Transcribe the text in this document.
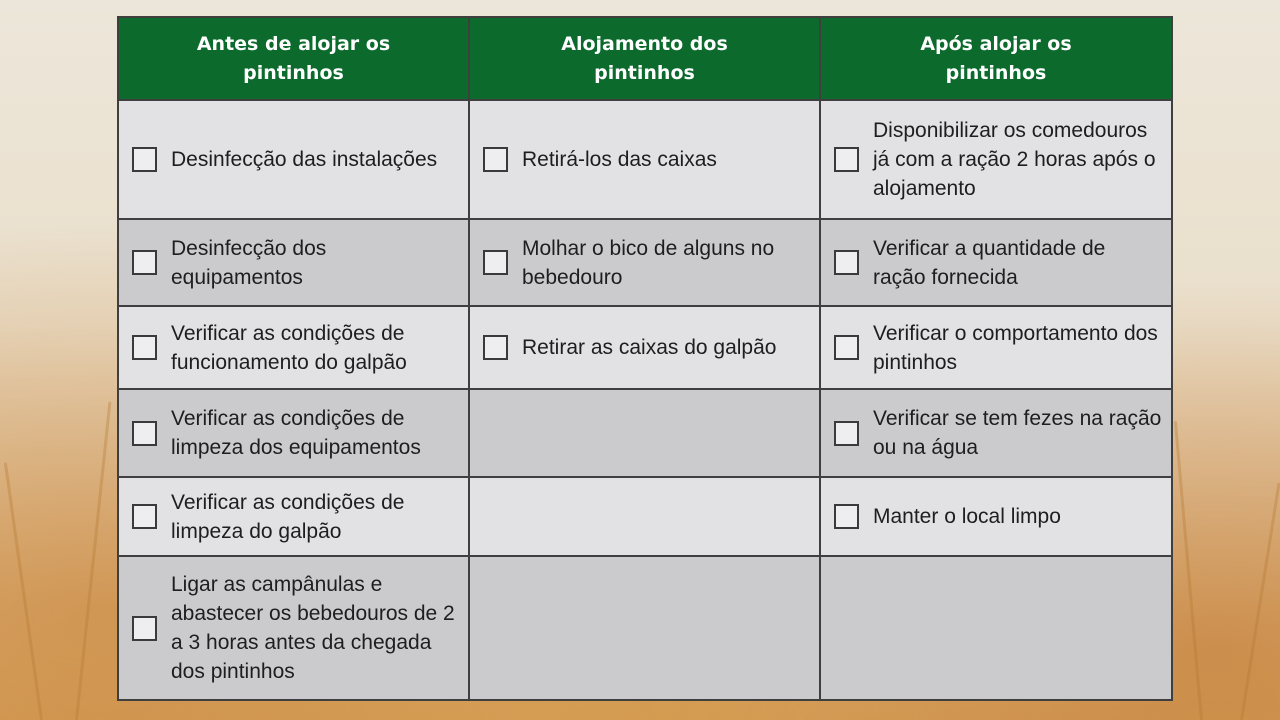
Antes de alojar os pintinhos	Alojamento dos pintinhos	Após alojar os pintinhos

Desinfecção das instalações	Retirá-los das caixas	Disponibilizar os comedouros já com a ração 2 horas após o alojamento

Desinfecção dos equipamentos	Molhar o bico de alguns no bebedouro	Verificar a quantidade de ração fornecida

Verificar as condições de funcionamento do galpão	Retirar as caixas do galpão	Verificar o comportamento dos pintinhos

Verificar as condições de limpeza dos equipamentos		Verificar se tem fezes na ração ou na água

Verificar as condições de limpeza do galpão		Manter o local limpo

Ligar as campânulas e abastecer os bebedouros de 2 a 3 horas antes da chegada dos pintinhos		
